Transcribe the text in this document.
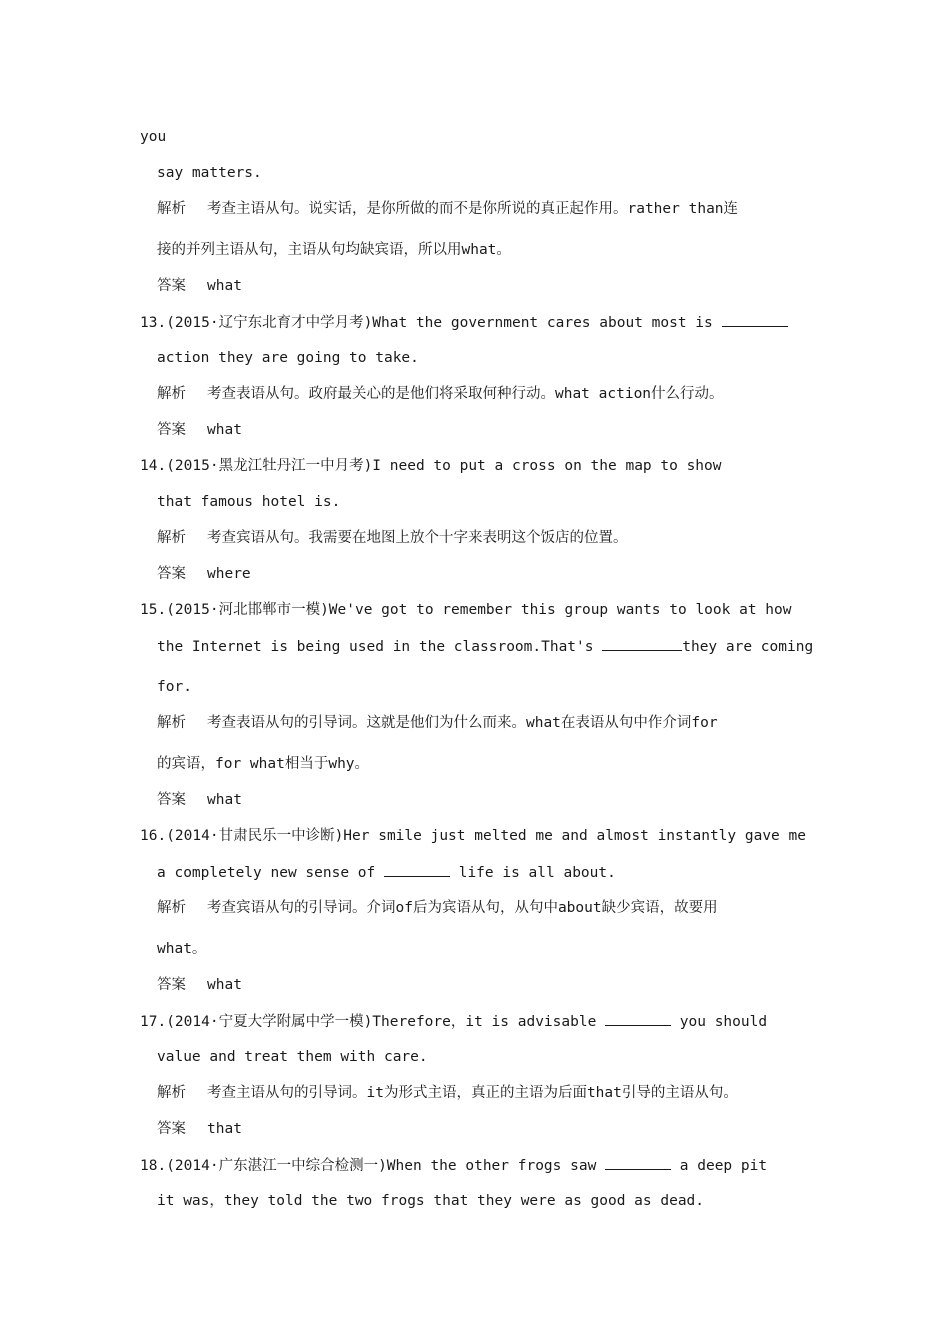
you
say matters.
解析 考查主语从句。说实话，是你所做的而不是你所说的真正起作用。rather than连
接的并列主语从句，主语从句均缺宾语，所以用what。
答案 what
13.(2015·辽宁东北育才中学月考)What the government cares about most is
action they are going to take.
解析 考查表语从句。政府最关心的是他们将采取何种行动。what action什么行动。
答案 what
14.(2015·黑龙江牡丹江一中月考)I need to put a cross on the map to show
that famous hotel is.
解析 考查宾语从句。我需要在地图上放个十字来表明这个饭店的位置。
答案 where
15.(2015·河北邯郸市一模)We've got to remember this group wants to look at how
the Internet is being used in the classroom.That's	they are coming
for.
解析 考查表语从句的引导词。这就是他们为什么而来。what在表语从句中作介词for
的宾语，for what相当于why。
答案 what
16.(2014·甘肃民乐一中诊断)Her smile just melted me and almost instantly gave me
a completely new sense of	life is all about.
解析 考查宾语从句的引导词。介词of后为宾语从句，从句中about缺少宾语，故要用
what。
答案 what
17.(2014·宁夏大学附属中学一模)Therefore，it is advisable	you should
value and treat them with care.
解析 考查主语从句的引导词。it为形式主语，真正的主语为后面that引导的主语从句。
答案 that
18.(2014·广东湛江一中综合检测一)When the other frogs saw	a deep pit
it was，they told the two frogs that they were as good as dead.
